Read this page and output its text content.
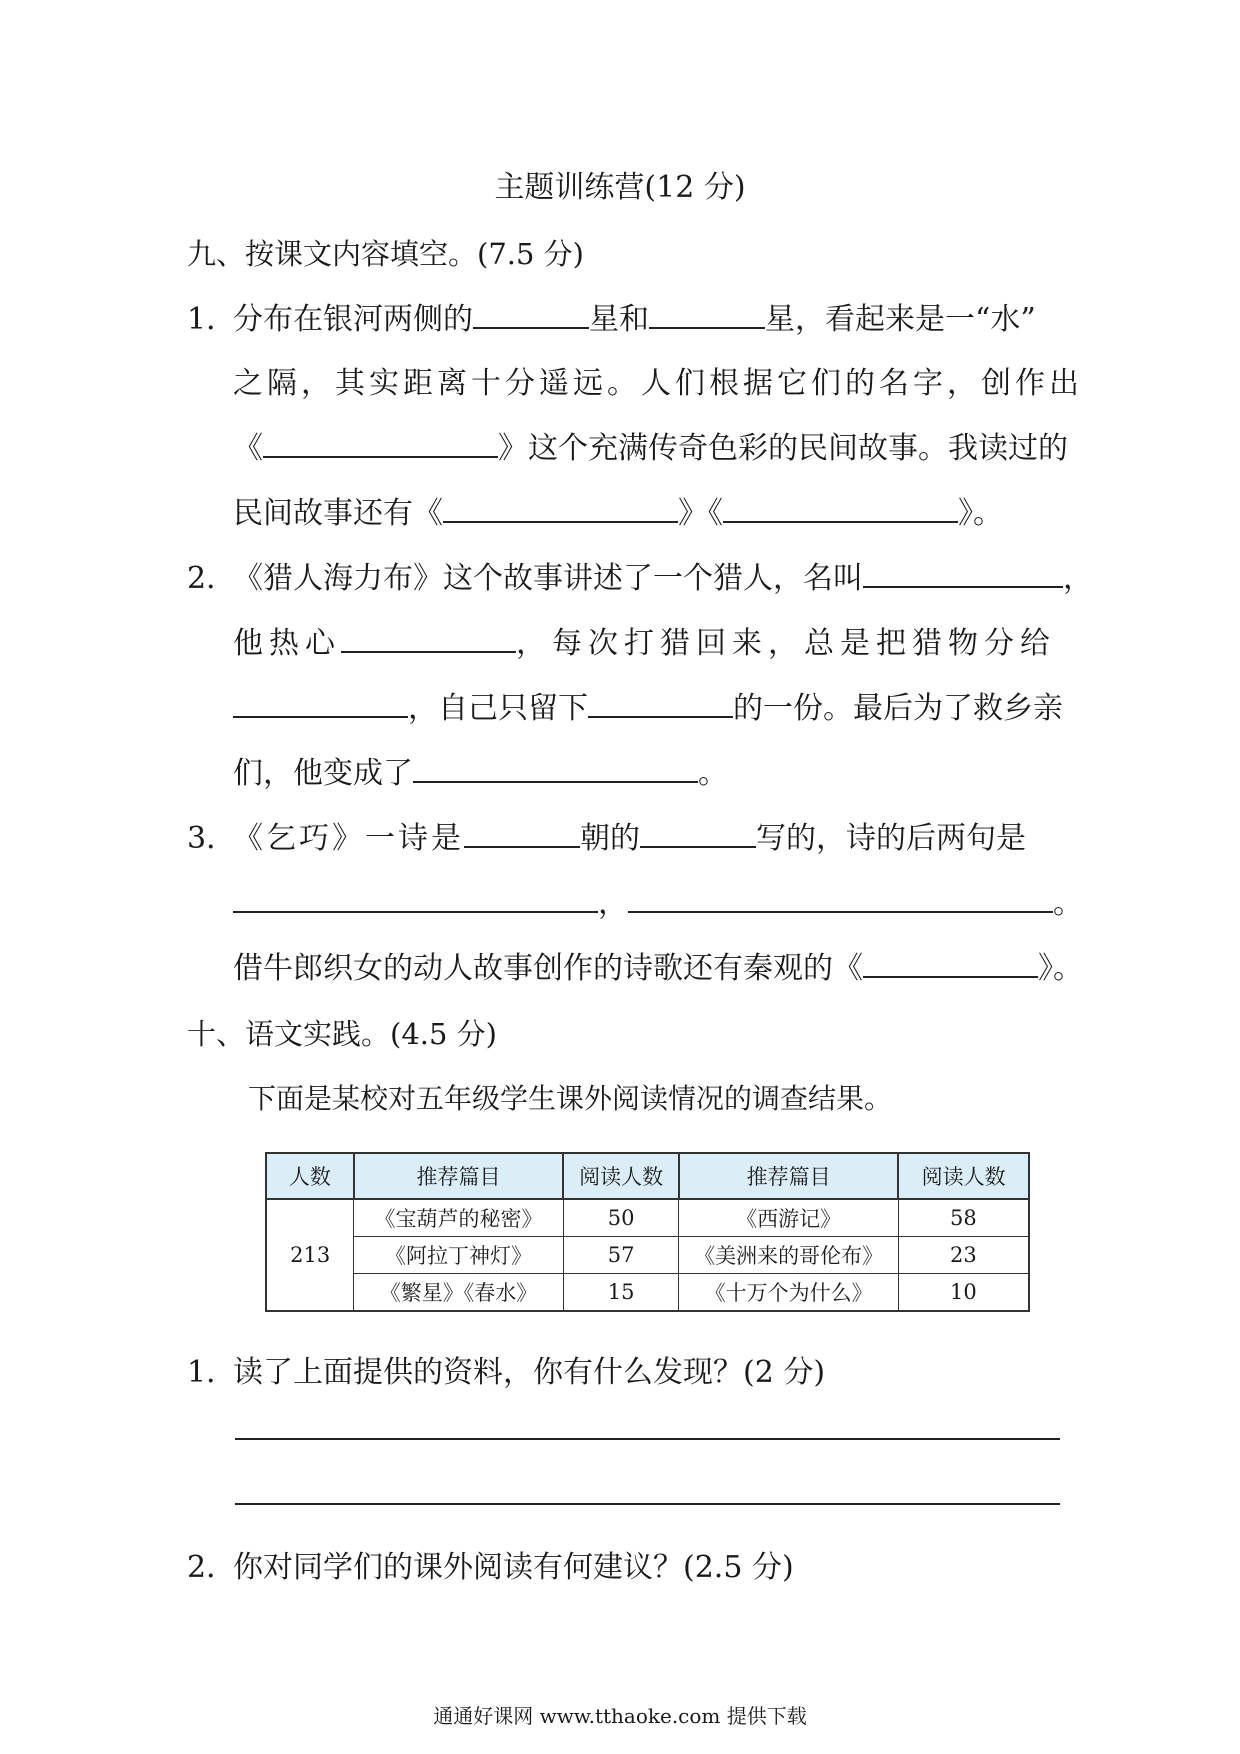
主题训练营(12 分)
九、按课文内容填空。(7.5 分)
1．
分布在银河两侧的	星和	星，看起来是一“水”
之隔，其实距离十分遥远。人们根据它们的名字，创作出
《	》这个充满传奇色彩的民间故事。我读过的
民间故事还有《	》《	》。
2．
《猎人海力布》这个故事讲述了一个猎人，名叫	，
他热心	，每次打猎回来，总是把猎物分给
，自己只留下	的一份。最后为了救乡亲
们，他变成了	。
3．
《乞巧》一诗是	朝的	写的，诗的后两句是
，	。
借牛郎织女的动人故事创作的诗歌还有秦观的《	》。
十、语文实践。(4.5 分)
下面是某校对五年级学生课外阅读情况的调查结果。
人数	推荐篇目	阅读人数	推荐篇目	阅读人数
213	《宝葫芦的秘密》	50	《西游记》	58
	《阿拉丁神灯》	57	《美洲来的哥伦布》	23
	《繁星》《春水》	15	《十万个为什么》	10
1．
读了上面提供的资料，你有什么发现？(2 分)
2．
你对同学们的课外阅读有何建议？(2.5 分)
通通好课网 www.tthaoke.com 提供下载
